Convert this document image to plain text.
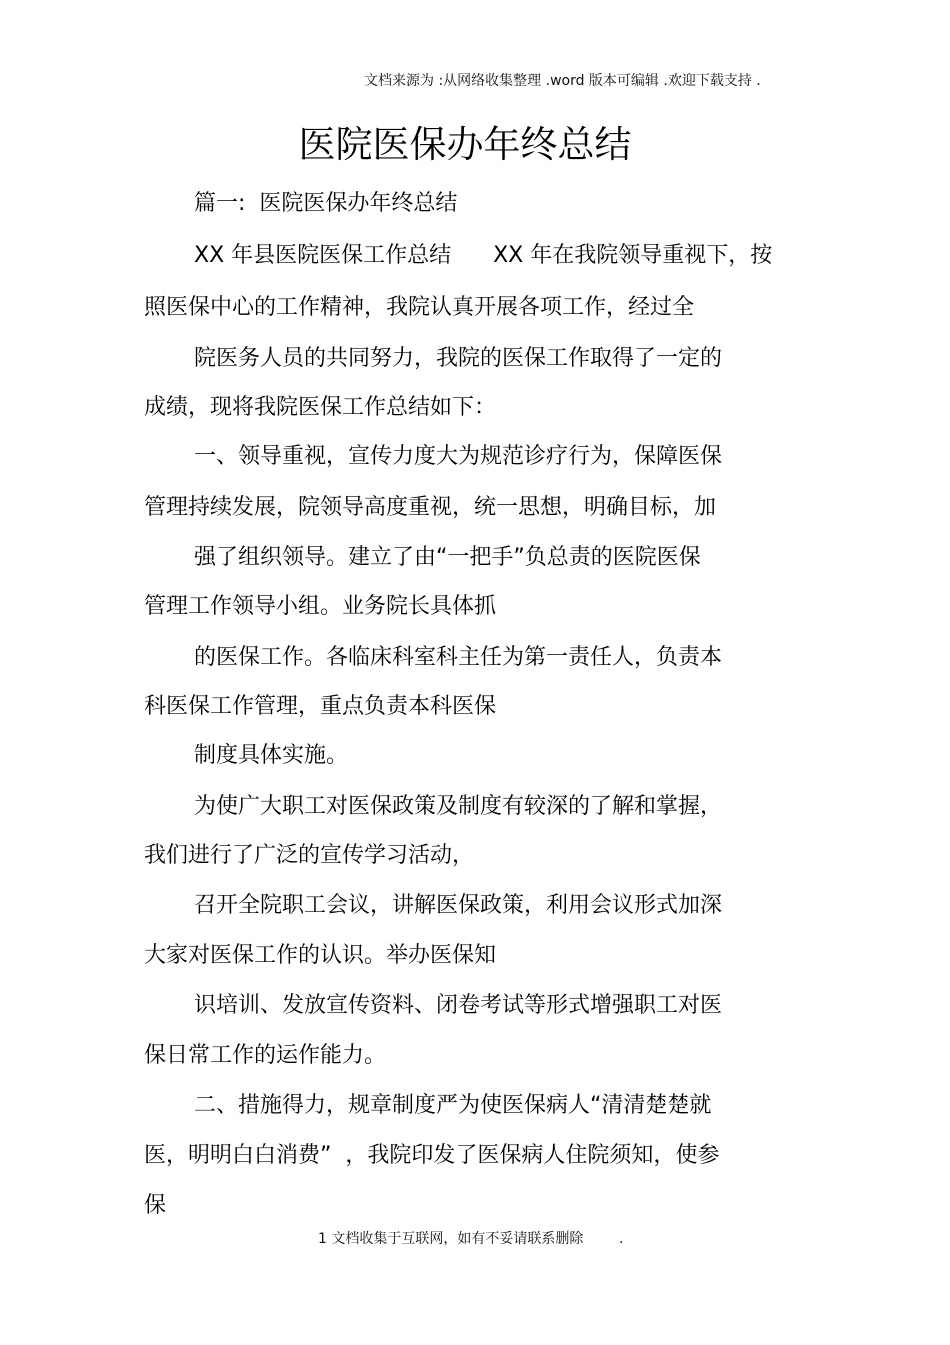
文档来源为 :从网络收集整理 .word 版本可编辑 .欢迎下载支持 .
医院医保办年终总结
篇一:  医院医保办年终总结
XX 年县医院医保工作总结      XX 年在我院领导重视下，按
照医保中心的工作精神，我院认真开展各项工作，经过全
院医务人员的共同努力，我院的医保工作取得了一定的
成绩，现将我院医保工作总结如下：
一、领导重视，宣传力度大为规范诊疗行为，保障医保
管理持续发展，院领导高度重视，统一思想，明确目标，加
强了组织领导。建立了由“一把手”负总责的医院医保
管理工作领导小组。业务院长具体抓
的医保工作。各临床科室科主任为第一责任人，负责本
科医保工作管理，重点负责本科医保
制度具体实施。
为使广大职工对医保政策及制度有较深的了解和掌握，
我们进行了广泛的宣传学习活动，
召开全院职工会议，讲解医保政策，利用会议形式加深
大家对医保工作的认识。举办医保知
识培训、发放宣传资料、闭卷考试等形式增强职工对医
保日常工作的运作能力。
二、措施得力，规章制度严为使医保病人“清清楚楚就
医，明明白白消费”  ，我院印发了医保病人住院须知，使参
保
1 文档收集于互联网，如有不妥请联系删除        .
